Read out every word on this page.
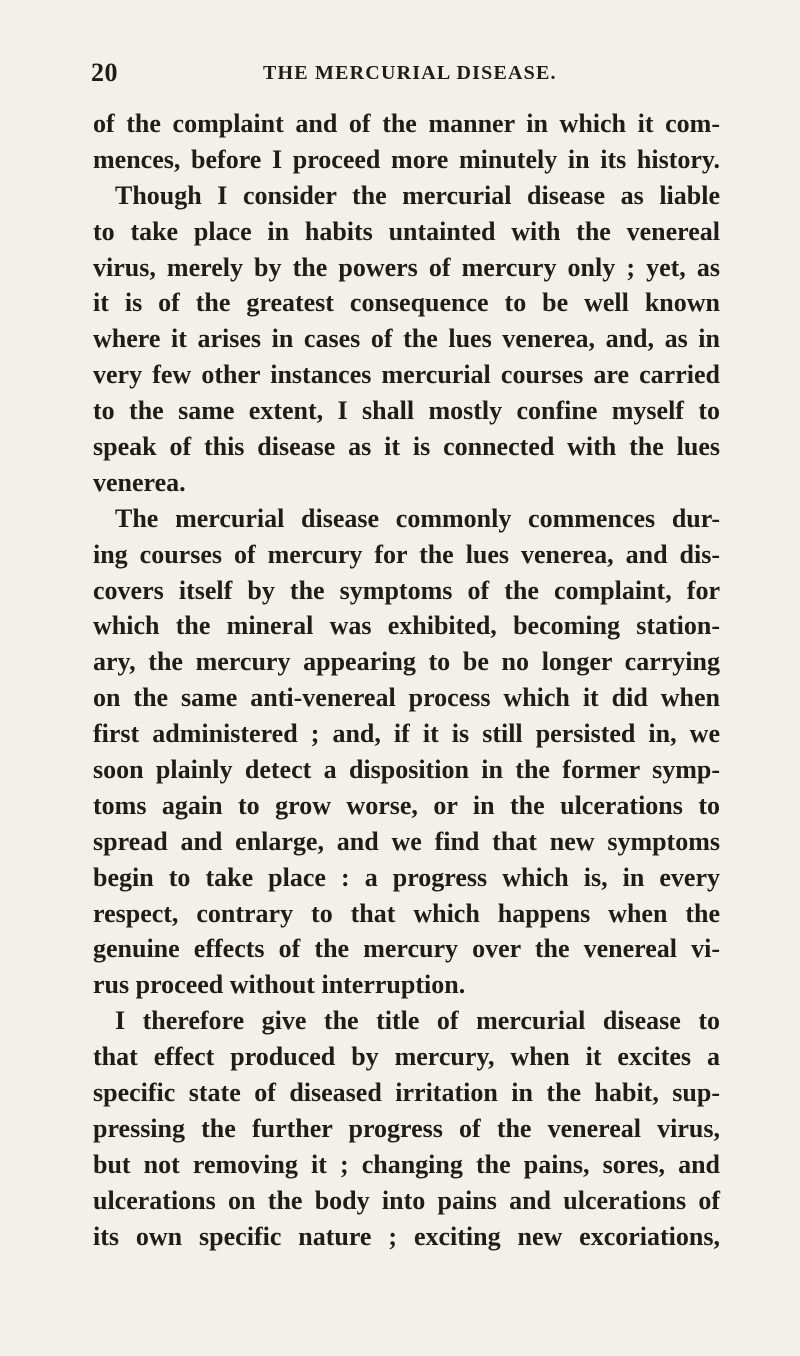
20	THE MERCURIAL DISEASE.
of the complaint and of the manner in which it com-
mences, before I proceed more minutely in its history.
Though I consider the mercurial disease as liable
to take place in habits untainted with the venereal
virus, merely by the powers of mercury only ; yet, as
it is of the greatest consequence to be well known
where it arises in cases of the lues venerea, and, as in
very few other instances mercurial courses are carried
to the same extent, I shall mostly confine myself to
speak of this disease as it is connected with the lues
venerea.
The mercurial disease commonly commences dur-
ing courses of mercury for the lues venerea, and dis-
covers itself by the symptoms of the complaint, for
which the mineral was exhibited, becoming station-
ary, the mercury appearing to be no longer carrying
on the same anti-venereal process which it did when
first administered ; and, if it is still persisted in, we
soon plainly detect a disposition in the former symp-
toms again to grow worse, or in the ulcerations to
spread and enlarge, and we find that new symptoms
begin to take place : a progress which is, in every
respect, contrary to that which happens when the
genuine effects of the mercury over the venereal vi-
rus proceed without interruption.
I therefore give the title of mercurial disease to
that effect produced by mercury, when it excites a
specific state of diseased irritation in the habit, sup-
pressing the further progress of the venereal virus,
but not removing it ; changing the pains, sores, and
ulcerations on the body into pains and ulcerations of
its own specific nature ; exciting new excoriations,
